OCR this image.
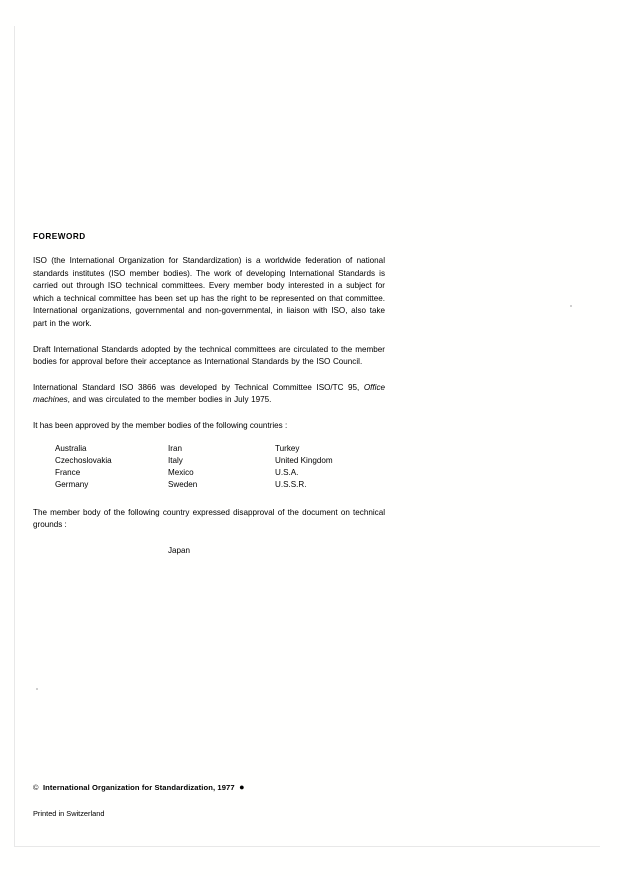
FOREWORD

ISO (the International Organization for Standardization) is a worldwide federation of national standards institutes (ISO member bodies). The work of developing International Standards is carried out through ISO technical committees. Every member body interested in a subject for which a technical committee has been set up has the right to be represented on that committee. International organizations, governmental and non-governmental, in liaison with ISO, also take part in the work.

Draft International Standards adopted by the technical committees are circulated to the member bodies for approval before their acceptance as International Standards by the ISO Council.

International Standard ISO 3866 was developed by Technical Committee ISO/TC 95, Office machines, and was circulated to the member bodies in July 1975.

It has been approved by the member bodies of the following countries :

Australia	Iran	Turkey
Czechoslovakia	Italy	United Kingdom
France	Mexico	U.S.A.
Germany	Sweden	U.S.S.R.

The member body of the following country expressed disapproval of the document on technical grounds :

Japan

© International Organization for Standardization, 1977 ●

Printed in Switzerland
